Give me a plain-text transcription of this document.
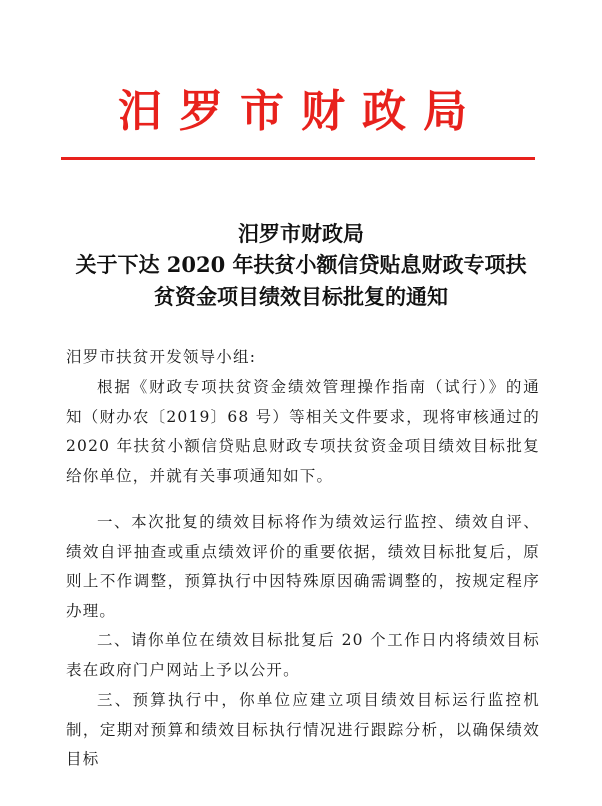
汨罗市财政局
汨罗市财政局
关于下达 2020 年扶贫小额信贷贴息财政专项扶
贫资金项目绩效目标批复的通知

汨罗市扶贫开发领导小组:

根据《财政专项扶贫资金绩效管理操作指南（试行）》的通知（财办农〔2019〕68 号）等相关文件要求，现将审核通过的 2020 年扶贫小额信贷贴息财政专项扶贫资金项目绩效目标批复给你单位，并就有关事项通知如下。

一、本次批复的绩效目标将作为绩效运行监控、绩效自评、绩效自评抽查或重点绩效评价的重要依据，绩效目标批复后，原则上不作调整，预算执行中因特殊原因确需调整的，按规定程序办理。

二、请你单位在绩效目标批复后 20 个工作日内将绩效目标表在政府门户网站上予以公开。

三、预算执行中，你单位应建立项目绩效目标运行监控机制，定期对预算和绩效目标执行情况进行跟踪分析，以确保绩效目标
